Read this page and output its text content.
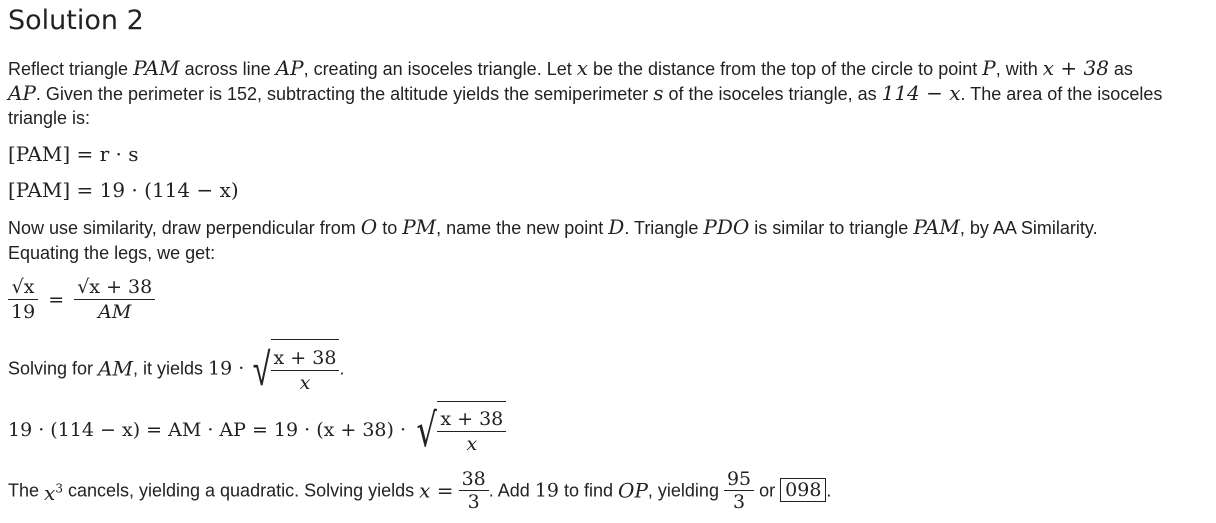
Solution 2
Reflect triangle PAM across line AP, creating an isoceles triangle. Let x be the distance from the top of the circle to point P, with x + 38 as
AP. Given the perimeter is 152, subtracting the altitude yields the semiperimeter s of the isoceles triangle, as 114 − x. The area of the isoceles
triangle is:
[PAM] = r · s
[PAM] = 19 · (114 − x)
Now use similarity, draw perpendicular from O to PM, name the new point D. Triangle PDO is similar to triangle PAM, by AA Similarity.
Equating the legs, we get:
$\frac{√x}{19} = \frac{√x + 38}{AM}$
Solving for AM, it yields 19 · √ $\frac{x + 38}{x}$ .
19 · (114 − x) = AM · AP = 19 · (x + 38) · √ $\frac{x + 38}{x}$
The $x^3$ cancels, yielding a quadratic. Solving yields $x = \frac{38}{3}$ . Add 19 to find OP, yielding $\frac{95}{3}$ or 098 .
